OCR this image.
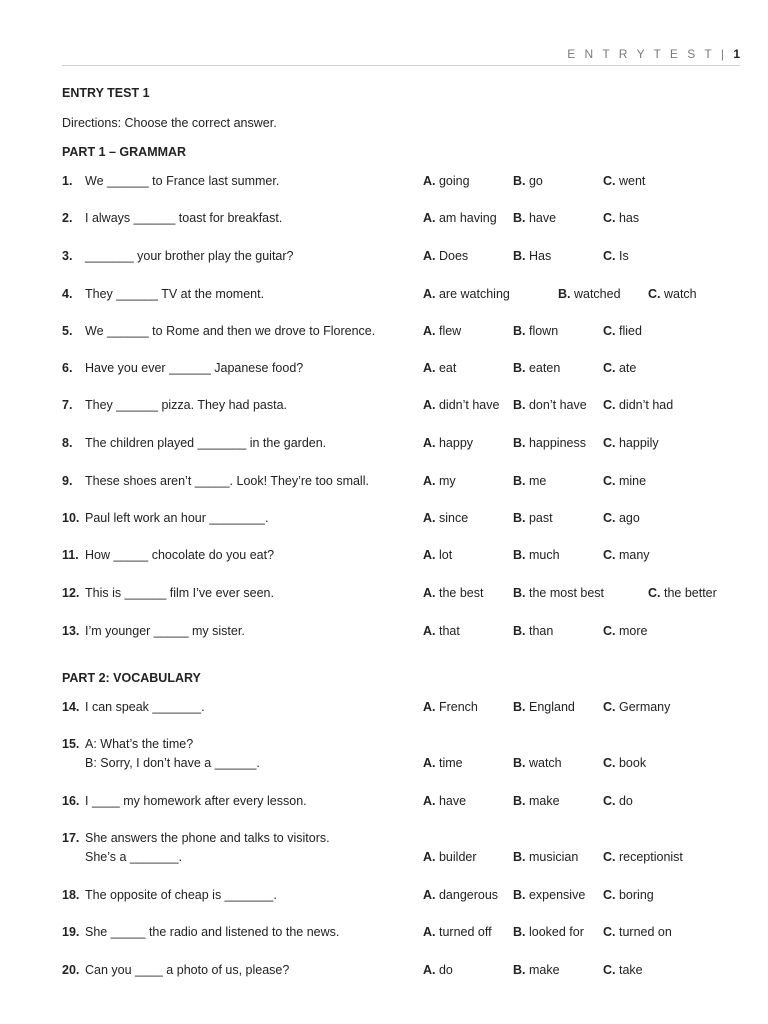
E N T R Y T E S T | 1
ENTRY TEST 1
Directions: Choose the correct answer.
PART 1 – GRAMMAR
PART 2: VOCABULARY
1. We ______ to France last summer.	A. going	B. go	C. went
2. I always ______ toast for breakfast.	A. am having B. have	C. has
3. _______ your brother play the guitar?	A. Does	B. Has	C. Is
4. They ______ TV at the moment.	A. are watching	B. watched C. watch
5. We ______ to Rome and then we drove to Florence.	A. flew	B. flown	C. flied
6. Have you ever ______ Japanese food?	A. eat	B. eaten	C. ate
7. They ______ pizza. They had pasta.	A. didn’t have B. don’t have C. didn’t had
8. The children played _______ in the garden.	A. happy	B. happiness C. happily
9. These shoes aren’t _____. Look! They’re too small.	A. my	B. me	C. mine
10. Paul left work an hour ________.	A. since	B. past	C. ago
11. How _____ chocolate do you eat?	A. lot	B. much	C. many
12. This is ______ film I’ve ever seen.	A. the best B. the most best	C. the better
13. I’m younger _____ my sister.	A. that	B. than	C. more
14. I can speak _______.	A. French	B. England C. Germany
15. A: What’s the time?
B: Sorry, I don’t have a ______.	A. time	B. watch	C. book
16. I ____ my homework after every lesson.	A. have	B. make	C. do
17. She answers the phone and talks to visitors.
She’s a _______.	A. builder	B. musician C. receptionist
18. The opposite of cheap is _______.	A. dangerous B. expensive C. boring
19. She _____ the radio and listened to the news.	A. turned off B. looked for C. turned on
20. Can you ____ a photo of us, please?	A. do	B. make	C. take
